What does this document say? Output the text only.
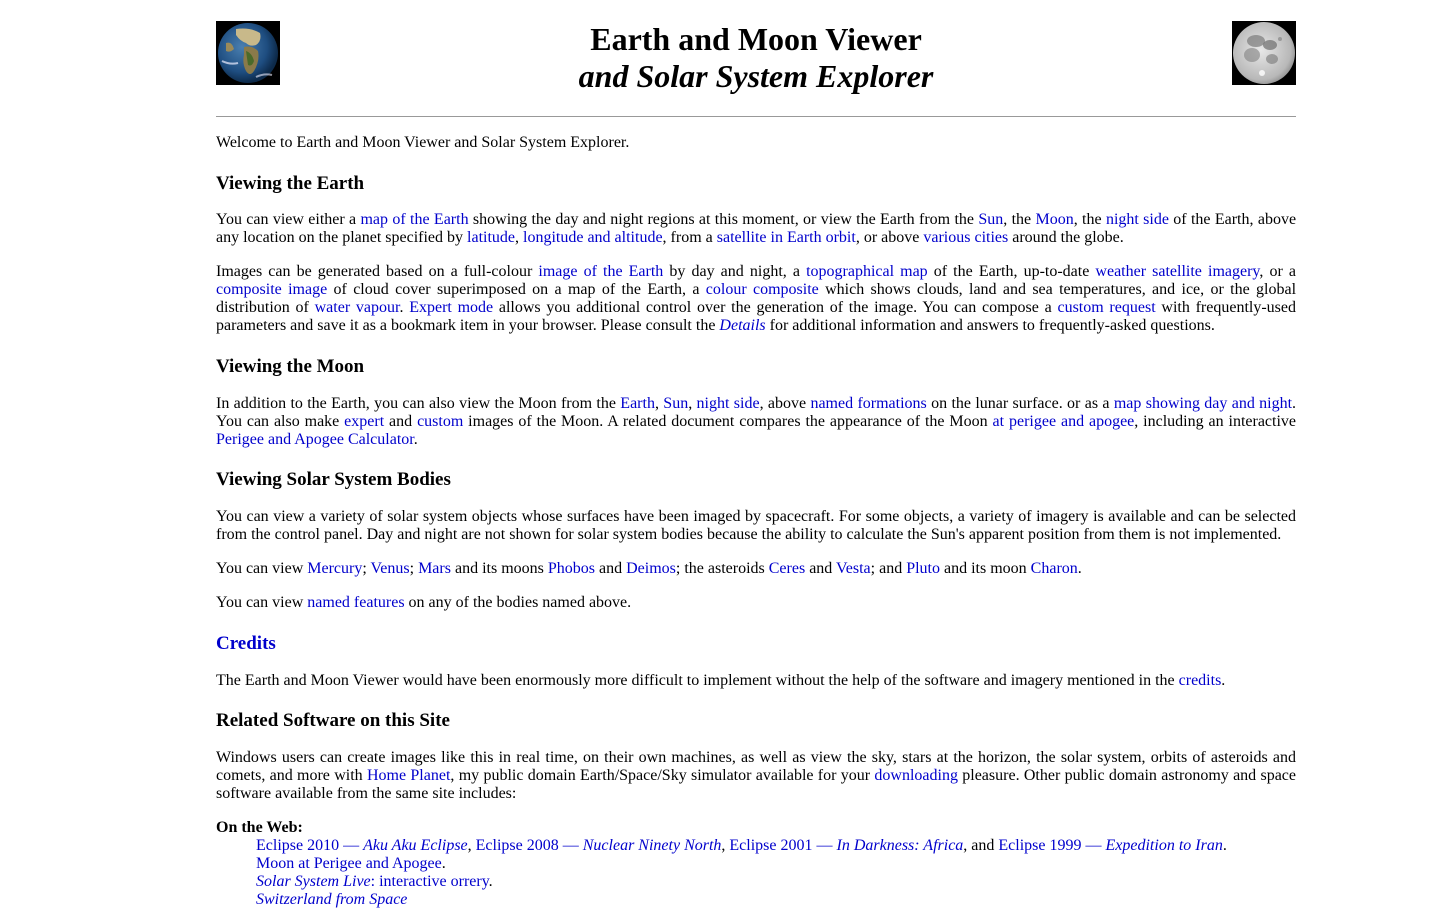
Earth and Moon Viewer
and Solar System Explorer

Welcome to Earth and Moon Viewer and Solar System Explorer.

Viewing the Earth

You can view either a map of the Earth showing the day and night regions at this moment, or view the Earth from the Sun, the Moon, the night side of the Earth, above any location on the planet specified by latitude, longitude and altitude, from a satellite in Earth orbit, or above various cities around the globe.

Images can be generated based on a full-colour image of the Earth by day and night, a topographical map of the Earth, up-to-date weather satellite imagery, or a composite image of cloud cover superimposed on a map of the Earth, a colour composite which shows clouds, land and sea temperatures, and ice, or the global distribution of water vapour. Expert mode allows you additional control over the generation of the image. You can compose a custom request with frequently-used parameters and save it as a bookmark item in your browser. Please consult the Details for additional information and answers to frequently-asked questions.

Viewing the Moon

In addition to the Earth, you can also view the Moon from the Earth, Sun, night side, above named formations on the lunar surface. or as a map showing day and night. You can also make expert and custom images of the Moon. A related document compares the appearance of the Moon at perigee and apogee, including an interactive Perigee and Apogee Calculator.

Viewing Solar System Bodies

You can view a variety of solar system objects whose surfaces have been imaged by spacecraft. For some objects, a variety of imagery is available and can be selected from the control panel. Day and night are not shown for solar system bodies because the ability to calculate the Sun's apparent position from them is not implemented.

You can view Mercury; Venus; Mars and its moons Phobos and Deimos; the asteroids Ceres and Vesta; and Pluto and its moon Charon.

You can view named features on any of the bodies named above.

Credits

The Earth and Moon Viewer would have been enormously more difficult to implement without the help of the software and imagery mentioned in the credits.

Related Software on this Site

Windows users can create images like this in real time, on their own machines, as well as view the sky, stars at the horizon, the solar system, orbits of asteroids and comets, and more with Home Planet, my public domain Earth/Space/Sky simulator available for your downloading pleasure. Other public domain astronomy and space software available from the same site includes:

On the Web:
Eclipse 2010 — Aku Aku Eclipse, Eclipse 2008 — Nuclear Ninety North, Eclipse 2001 — In Darkness: Africa, and Eclipse 1999 — Expedition to Iran.
Moon at Perigee and Apogee.
Solar System Live: interactive orrery.
Switzerland from Space
